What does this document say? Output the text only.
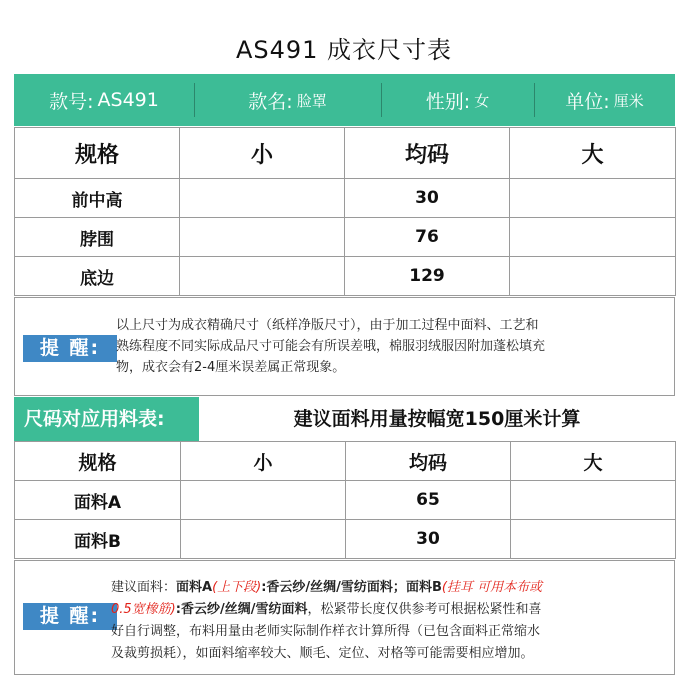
AS491 成衣尺寸表
款号: AS491	款名: 脸罩	性别: 女	单位: 厘米
规格	小	均码	大
前中高		30	
脖围		76	
底边		129	
提 醒:
以上尺寸为成衣精确尺寸（纸样净版尺寸），由于加工过程中面料、工艺和
熟练程度不同实际成品尺寸可能会有所误差哦，棉服羽绒服因附加蓬松填充
物，成衣会有2-4厘米误差属正常现象。
尺码对应用料表:	建议面料用量按幅宽150厘米计算
规格	小	均码	大
面料A		65	
面料B		30	
提 醒:
建议面料：面料A(上下段):香云纱/丝绸/雪纺面料；面料B(挂耳 可用本布或
0.5宽橡筋):香云纱/丝绸/雪纺面料，松紧带长度仅供参考可根据松紧性和喜
好自行调整，布料用量由老师实际制作样衣计算所得（已包含面料正常缩水
及裁剪损耗），如面料缩率较大、顺毛、定位、对格等可能需要相应增加。
